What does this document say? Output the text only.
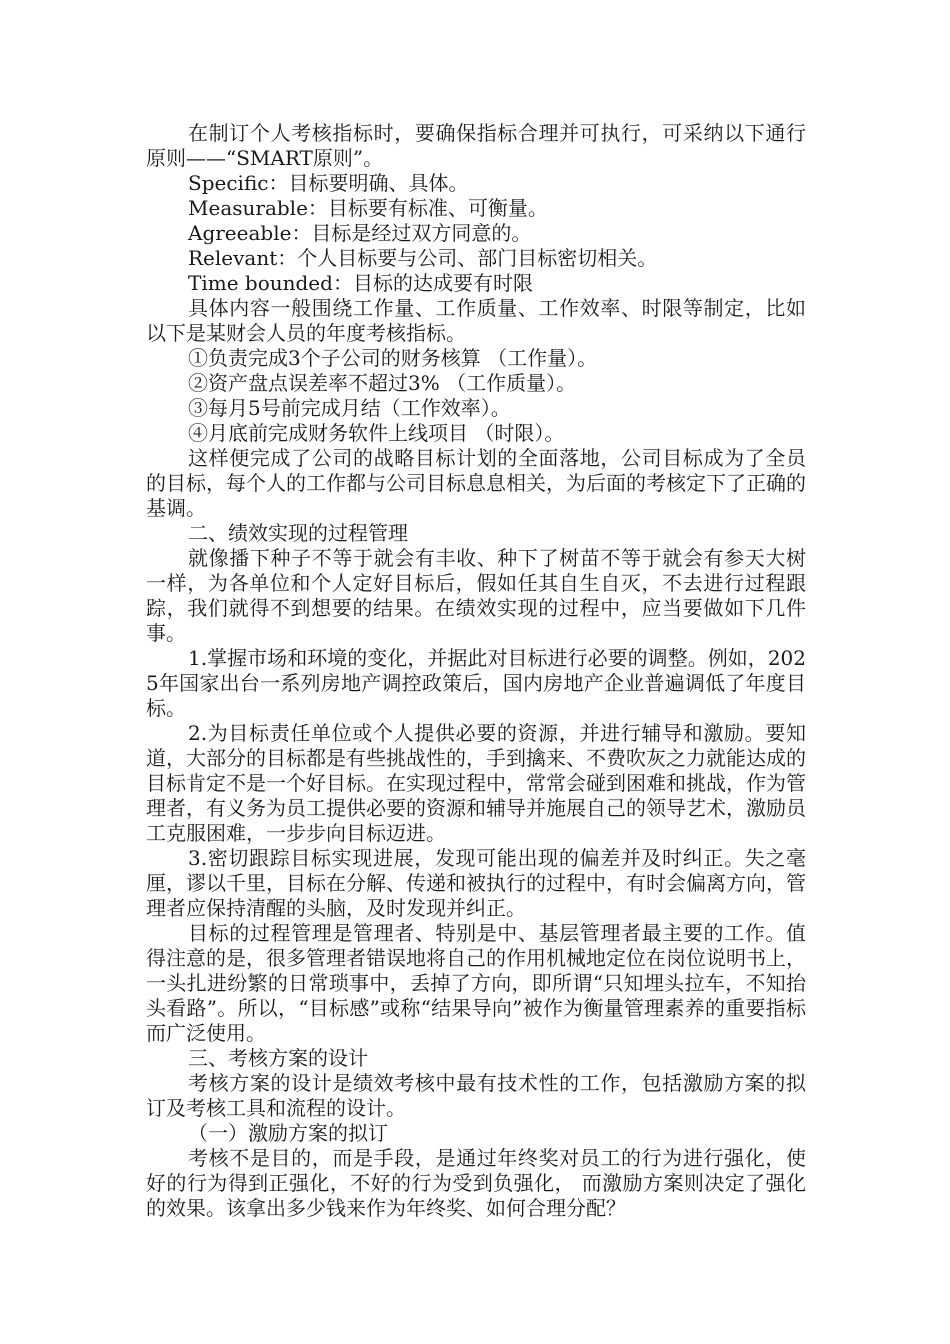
在制订个人考核指标时，要确保指标合理并可执行，可采纳以下通行原则——“SMART原则”。

Specific：目标要明确、具体。

Measurable：目标要有标准、可衡量。

Agreeable：目标是经过双方同意的。

Relevant：个人目标要与公司、部门目标密切相关。

Time bounded：目标的达成要有时限

具体内容一般围绕工作量、工作质量、工作效率、时限等制定，比如以下是某财会人员的年度考核指标。

①负责完成3个子公司的财务核算 （工作量）。

②资产盘点误差率不超过3% （工作质量）。

③每月5号前完成月结（工作效率）。

④月底前完成财务软件上线项目 （时限）。

这样便完成了公司的战略目标计划的全面落地，公司目标成为了全员的目标，每个人的工作都与公司目标息息相关，为后面的考核定下了正确的基调。

二、绩效实现的过程管理

就像播下种子不等于就会有丰收、种下了树苗不等于就会有参天大树一样，为各单位和个人定好目标后，假如任其自生自灭，不去进行过程跟踪，我们就得不到想要的结果。在绩效实现的过程中，应当要做如下几件事。

1.掌握市场和环境的变化，并据此对目标进行必要的调整。例如，2025年国家出台一系列房地产调控政策后，国内房地产企业普遍调低了年度目标。

2.为目标责任单位或个人提供必要的资源，并进行辅导和激励。要知道，大部分的目标都是有些挑战性的，手到擒来、不费吹灰之力就能达成的目标肯定不是一个好目标。在实现过程中，常常会碰到困难和挑战，作为管理者，有义务为员工提供必要的资源和辅导并施展自己的领导艺术，激励员工克服困难，一步步向目标迈进。

3.密切跟踪目标实现进展，发现可能出现的偏差并及时纠正。失之毫厘，谬以千里，目标在分解、传递和被执行的过程中，有时会偏离方向，管理者应保持清醒的头脑，及时发现并纠正。

目标的过程管理是管理者、特别是中、基层管理者最主要的工作。值得注意的是，很多管理者错误地将自己的作用机械地定位在岗位说明书上，一头扎进纷繁的日常琐事中，丢掉了方向，即所谓“只知埋头拉车，不知抬头看路”。所以，“目标感”或称“结果导向”被作为衡量管理素养的重要指标而广泛使用。

三、考核方案的设计

考核方案的设计是绩效考核中最有技术性的工作，包括激励方案的拟订及考核工具和流程的设计。

（一）激励方案的拟订

考核不是目的，而是手段，是通过年终奖对员工的行为进行强化，使好的行为得到正强化，不好的行为受到负强化， 而激励方案则决定了强化的效果。该拿出多少钱来作为年终奖、如何合理分配？
